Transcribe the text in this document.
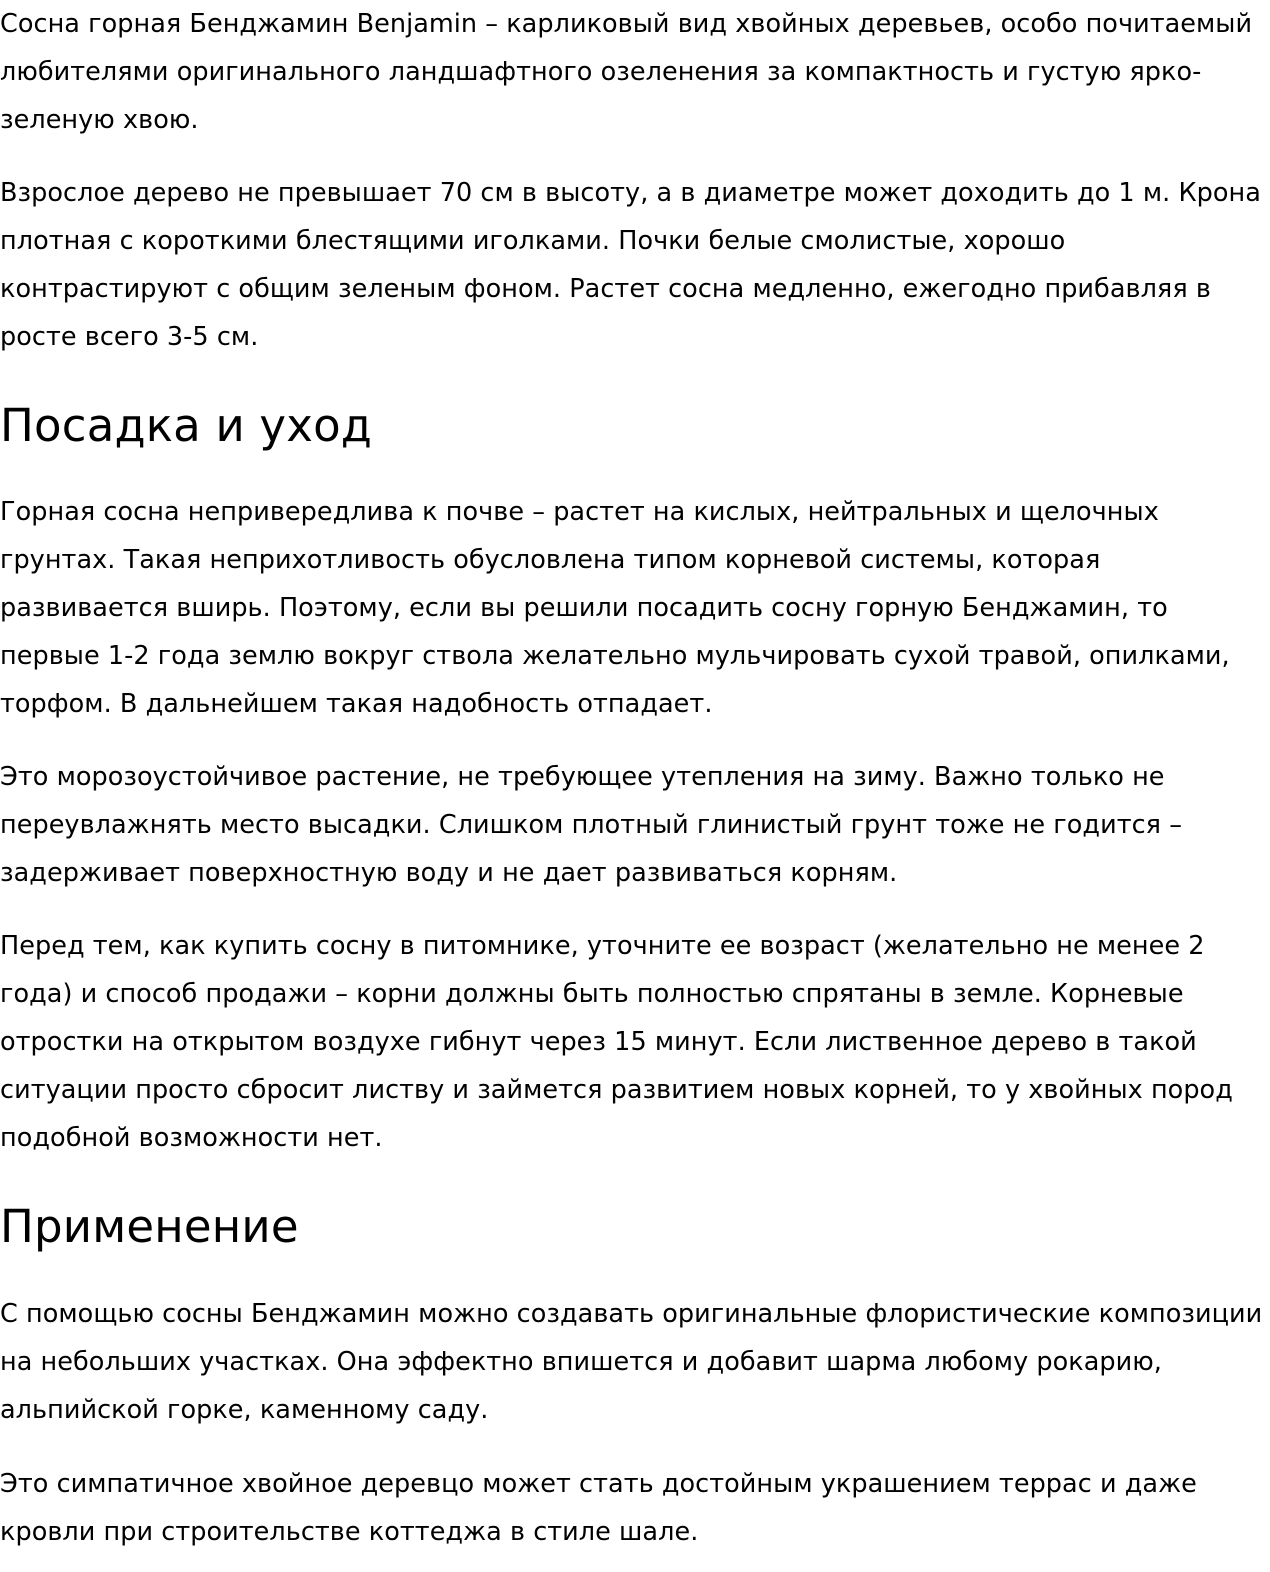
Сосна горная Бенджамин Benjamin – карликовый вид хвойных деревьев, особо почитаемый любителями оригинального ландшафтного озеленения за компактность и густую ярко-зеленую хвою.

Взрослое дерево не превышает 70 см в высоту, а в диаметре может доходить до 1 м. Крона плотная с короткими блестящими иголками. Почки белые смолистые, хорошо контрастируют с общим зеленым фоном. Растет сосна медленно, ежегодно прибавляя в росте всего 3-5 см.

Посадка и уход

Горная сосна непривередлива к почве – растет на кислых, нейтральных и щелочных грунтах. Такая неприхотливость обусловлена типом корневой системы, которая развивается вширь. Поэтому, если вы решили посадить сосну горную Бенджамин, то первые 1-2 года землю вокруг ствола желательно мульчировать сухой травой, опилками, торфом. В дальнейшем такая надобность отпадает.

Это морозоустойчивое растение, не требующее утепления на зиму. Важно только не переувлажнять место высадки. Слишком плотный глинистый грунт тоже не годится – задерживает поверхностную воду и не дает развиваться корням.

Перед тем, как купить сосну в питомнике, уточните ее возраст (желательно не менее 2 года) и способ продажи – корни должны быть полностью спрятаны в земле. Корневые отростки на открытом воздухе гибнут через 15 минут. Если лиственное дерево в такой ситуации просто сбросит листву и займется развитием новых корней, то у хвойных пород подобной возможности нет.

Применение

С помощью сосны Бенджамин можно создавать оригинальные флористические композиции на небольших участках. Она эффектно впишется и добавит шарма любому рокарию, альпийской горке, каменному саду.

Это симпатичное хвойное деревцо может стать достойным украшением террас и даже кровли при строительстве коттеджа в стиле шале.
